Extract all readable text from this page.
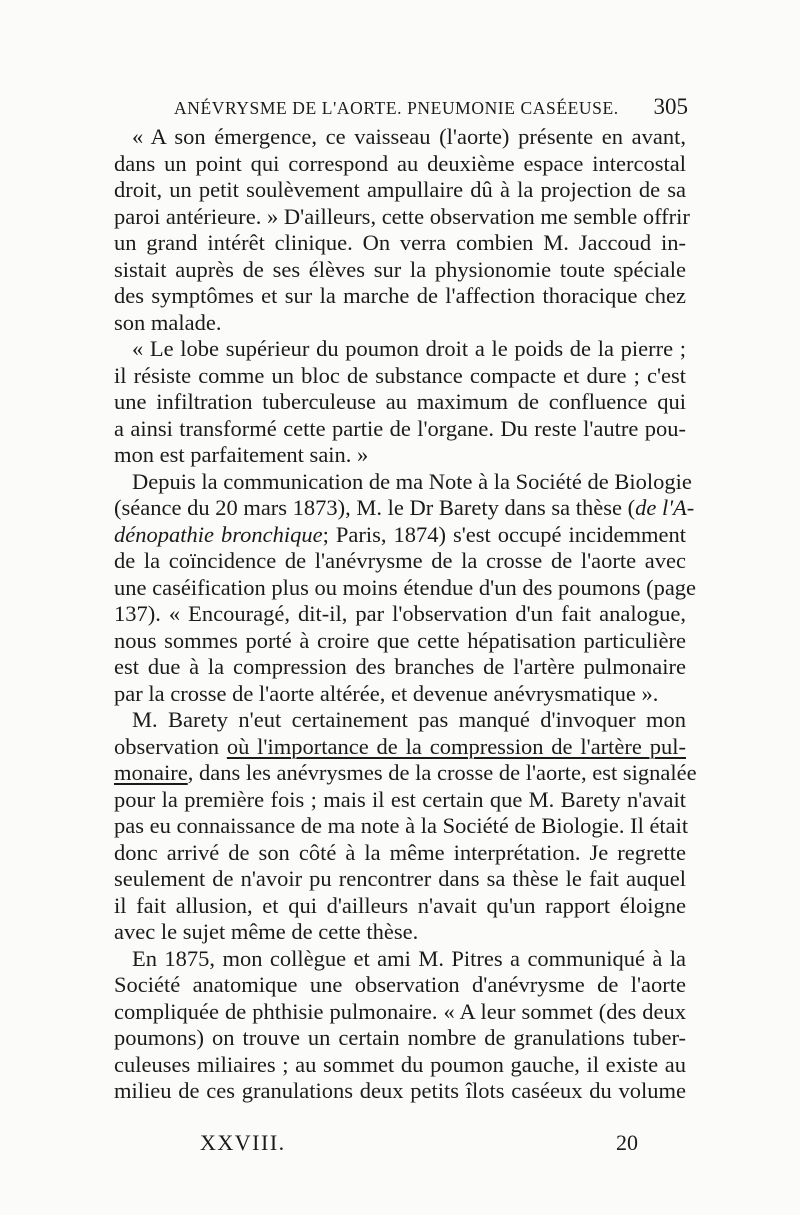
ANÉVRYSME DE L'AORTE. PNEUMONIE CASÉEUSE. 305
« A son émergence, ce vaisseau (l'aorte) présente en avant,
dans un point qui correspond au deuxième espace intercostal
droit, un petit soulèvement ampullaire dû à la projection de sa
paroi antérieure. » D'ailleurs, cette observation me semble offrir
un grand intérêt clinique. On verra combien M. Jaccoud in-
sistait auprès de ses élèves sur la physionomie toute spéciale
des symptômes et sur la marche de l'affection thoracique chez
son malade.
« Le lobe supérieur du poumon droit a le poids de la pierre ;
il résiste comme un bloc de substance compacte et dure ; c'est
une infiltration tuberculeuse au maximum de confluence qui
a ainsi transformé cette partie de l'organe. Du reste l'autre pou-
mon est parfaitement sain. »
Depuis la communication de ma Note à la Société de Biologie
(séance du 20 mars 1873), M. le Dr Barety dans sa thèse (de l'A-
dénopathie bronchique; Paris, 1874) s'est occupé incidemment
de la coïncidence de l'anévrysme de la crosse de l'aorte avec
une caséification plus ou moins étendue d'un des poumons (page
137). « Encouragé, dit-il, par l'observation d'un fait analogue,
nous sommes porté à croire que cette hépatisation particulière
est due à la compression des branches de l'artère pulmonaire
par la crosse de l'aorte altérée, et devenue anévrysmatique ».
M. Barety n'eut certainement pas manqué d'invoquer mon
observation où l'importance de la compression de l'artère pul-
monaire, dans les anévrysmes de la crosse de l'aorte, est signalée
pour la première fois ; mais il est certain que M. Barety n'avait
pas eu connaissance de ma note à la Société de Biologie. Il était
donc arrivé de son côté à la même interprétation. Je regrette
seulement de n'avoir pu rencontrer dans sa thèse le fait auquel
il fait allusion, et qui d'ailleurs n'avait qu'un rapport éloigne
avec le sujet même de cette thèse.
En 1875, mon collègue et ami M. Pitres a communiqué à la
Société anatomique une observation d'anévrysme de l'aorte
compliquée de phthisie pulmonaire. « A leur sommet (des deux
poumons) on trouve un certain nombre de granulations tuber-
culeuses miliaires ; au sommet du poumon gauche, il existe au
milieu de ces granulations deux petits îlots caséeux du volume
XXVIII.	20
